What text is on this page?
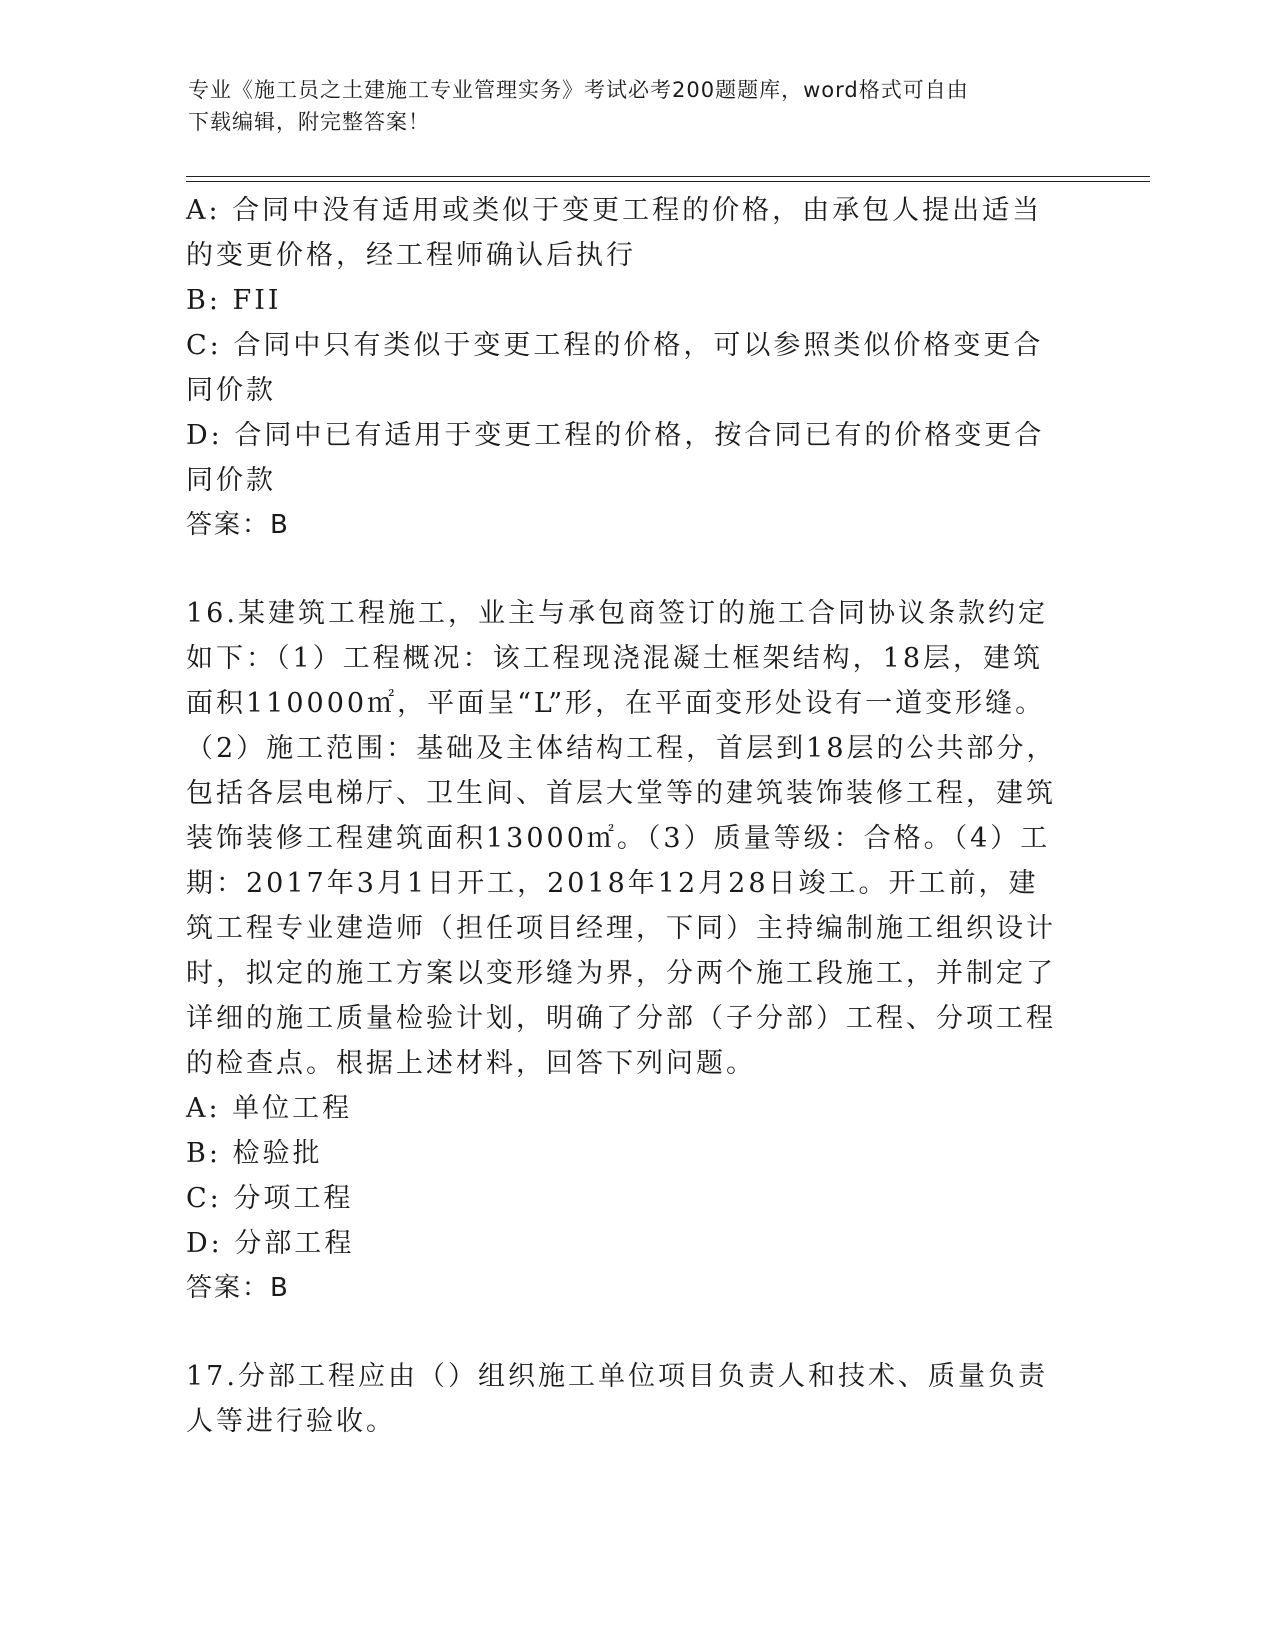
专业《施工员之土建施工专业管理实务》考试必考200题题库，word格式可自由
下载编辑，附完整答案！

A: 合同中没有适用或类似于变更工程的价格，由承包人提出适当的变更价格，经工程师确认后执行

B: FII

C: 合同中只有类似于变更工程的价格，可以参照类似价格变更合同价款

D: 合同中已有适用于变更工程的价格，按合同已有的价格变更合同价款

答案：B

16.某建筑工程施工，业主与承包商签订的施工合同协议条款约定如下：（1）工程概况：该工程现浇混凝土框架结构，18层，建筑面积110000㎡，平面呈“L”形，在平面变形处设有一道变形缝。（2）施工范围：基础及主体结构工程，首层到18层的公共部分，包括各层电梯厅、卫生间、首层大堂等的建筑装饰装修工程，建筑装饰装修工程建筑面积13000㎡。（3）质量等级：合格。（4）工期：2017年3月1日开工，2018年12月28日竣工。开工前，建筑工程专业建造师（担任项目经理，下同）主持编制施工组织设计时，拟定的施工方案以变形缝为界，分两个施工段施工，并制定了详细的施工质量检验计划，明确了分部（子分部）工程、分项工程的检查点。根据上述材料，回答下列问题。

A: 单位工程

B: 检验批

C: 分项工程

D: 分部工程

答案：B

17.分部工程应由（）组织施工单位项目负责人和技术、质量负责人等进行验收。
